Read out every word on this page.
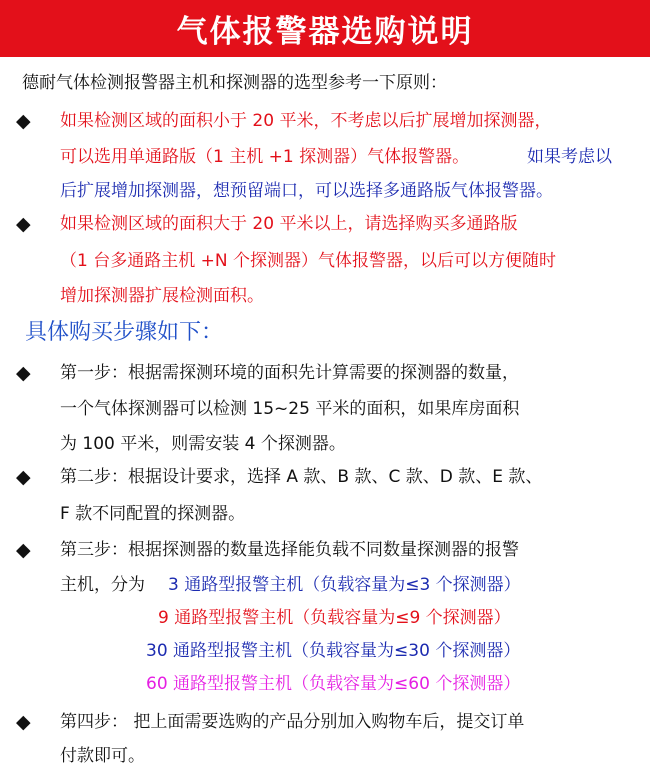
气体报警器选购说明
德耐气体检测报警器主机和探测器的选型参考一下原则：
◆ 如果检测区域的面积小于 20 平米，不考虑以后扩展增加探测器，
可以选用单通路版（1 主机 +1 探测器）气体报警器。	如果考虑以
后扩展增加探测器，想预留端口，可以选择多通路版气体报警器。
◆ 如果检测区域的面积大于 20 平米以上，请选择购买多通路版
（1 台多通路主机 +N 个探测器）气体报警器，以后可以方便随时
增加探测器扩展检测面积。
具体购买步骤如下：
◆ 第一步：根据需探测环境的面积先计算需要的探测器的数量，
一个气体探测器可以检测 15~25 平米的面积，如果库房面积
为 100 平米，则需安装 4 个探测器。
◆ 第二步：根据设计要求，选择 A 款、B 款、C 款、D 款、E 款、
F 款不同配置的探测器。
◆ 第三步：根据探测器的数量选择能负载不同数量探测器的报警
主机，分为 3 通路型报警主机（负载容量为≤3 个探测器）
9 通路型报警主机（负载容量为≤9 个探测器）
30 通路型报警主机（负载容量为≤30 个探测器）
60 通路型报警主机（负载容量为≤60 个探测器）
◆ 第四步： 把上面需要选购的产品分别加入购物车后，提交订单
付款即可。
